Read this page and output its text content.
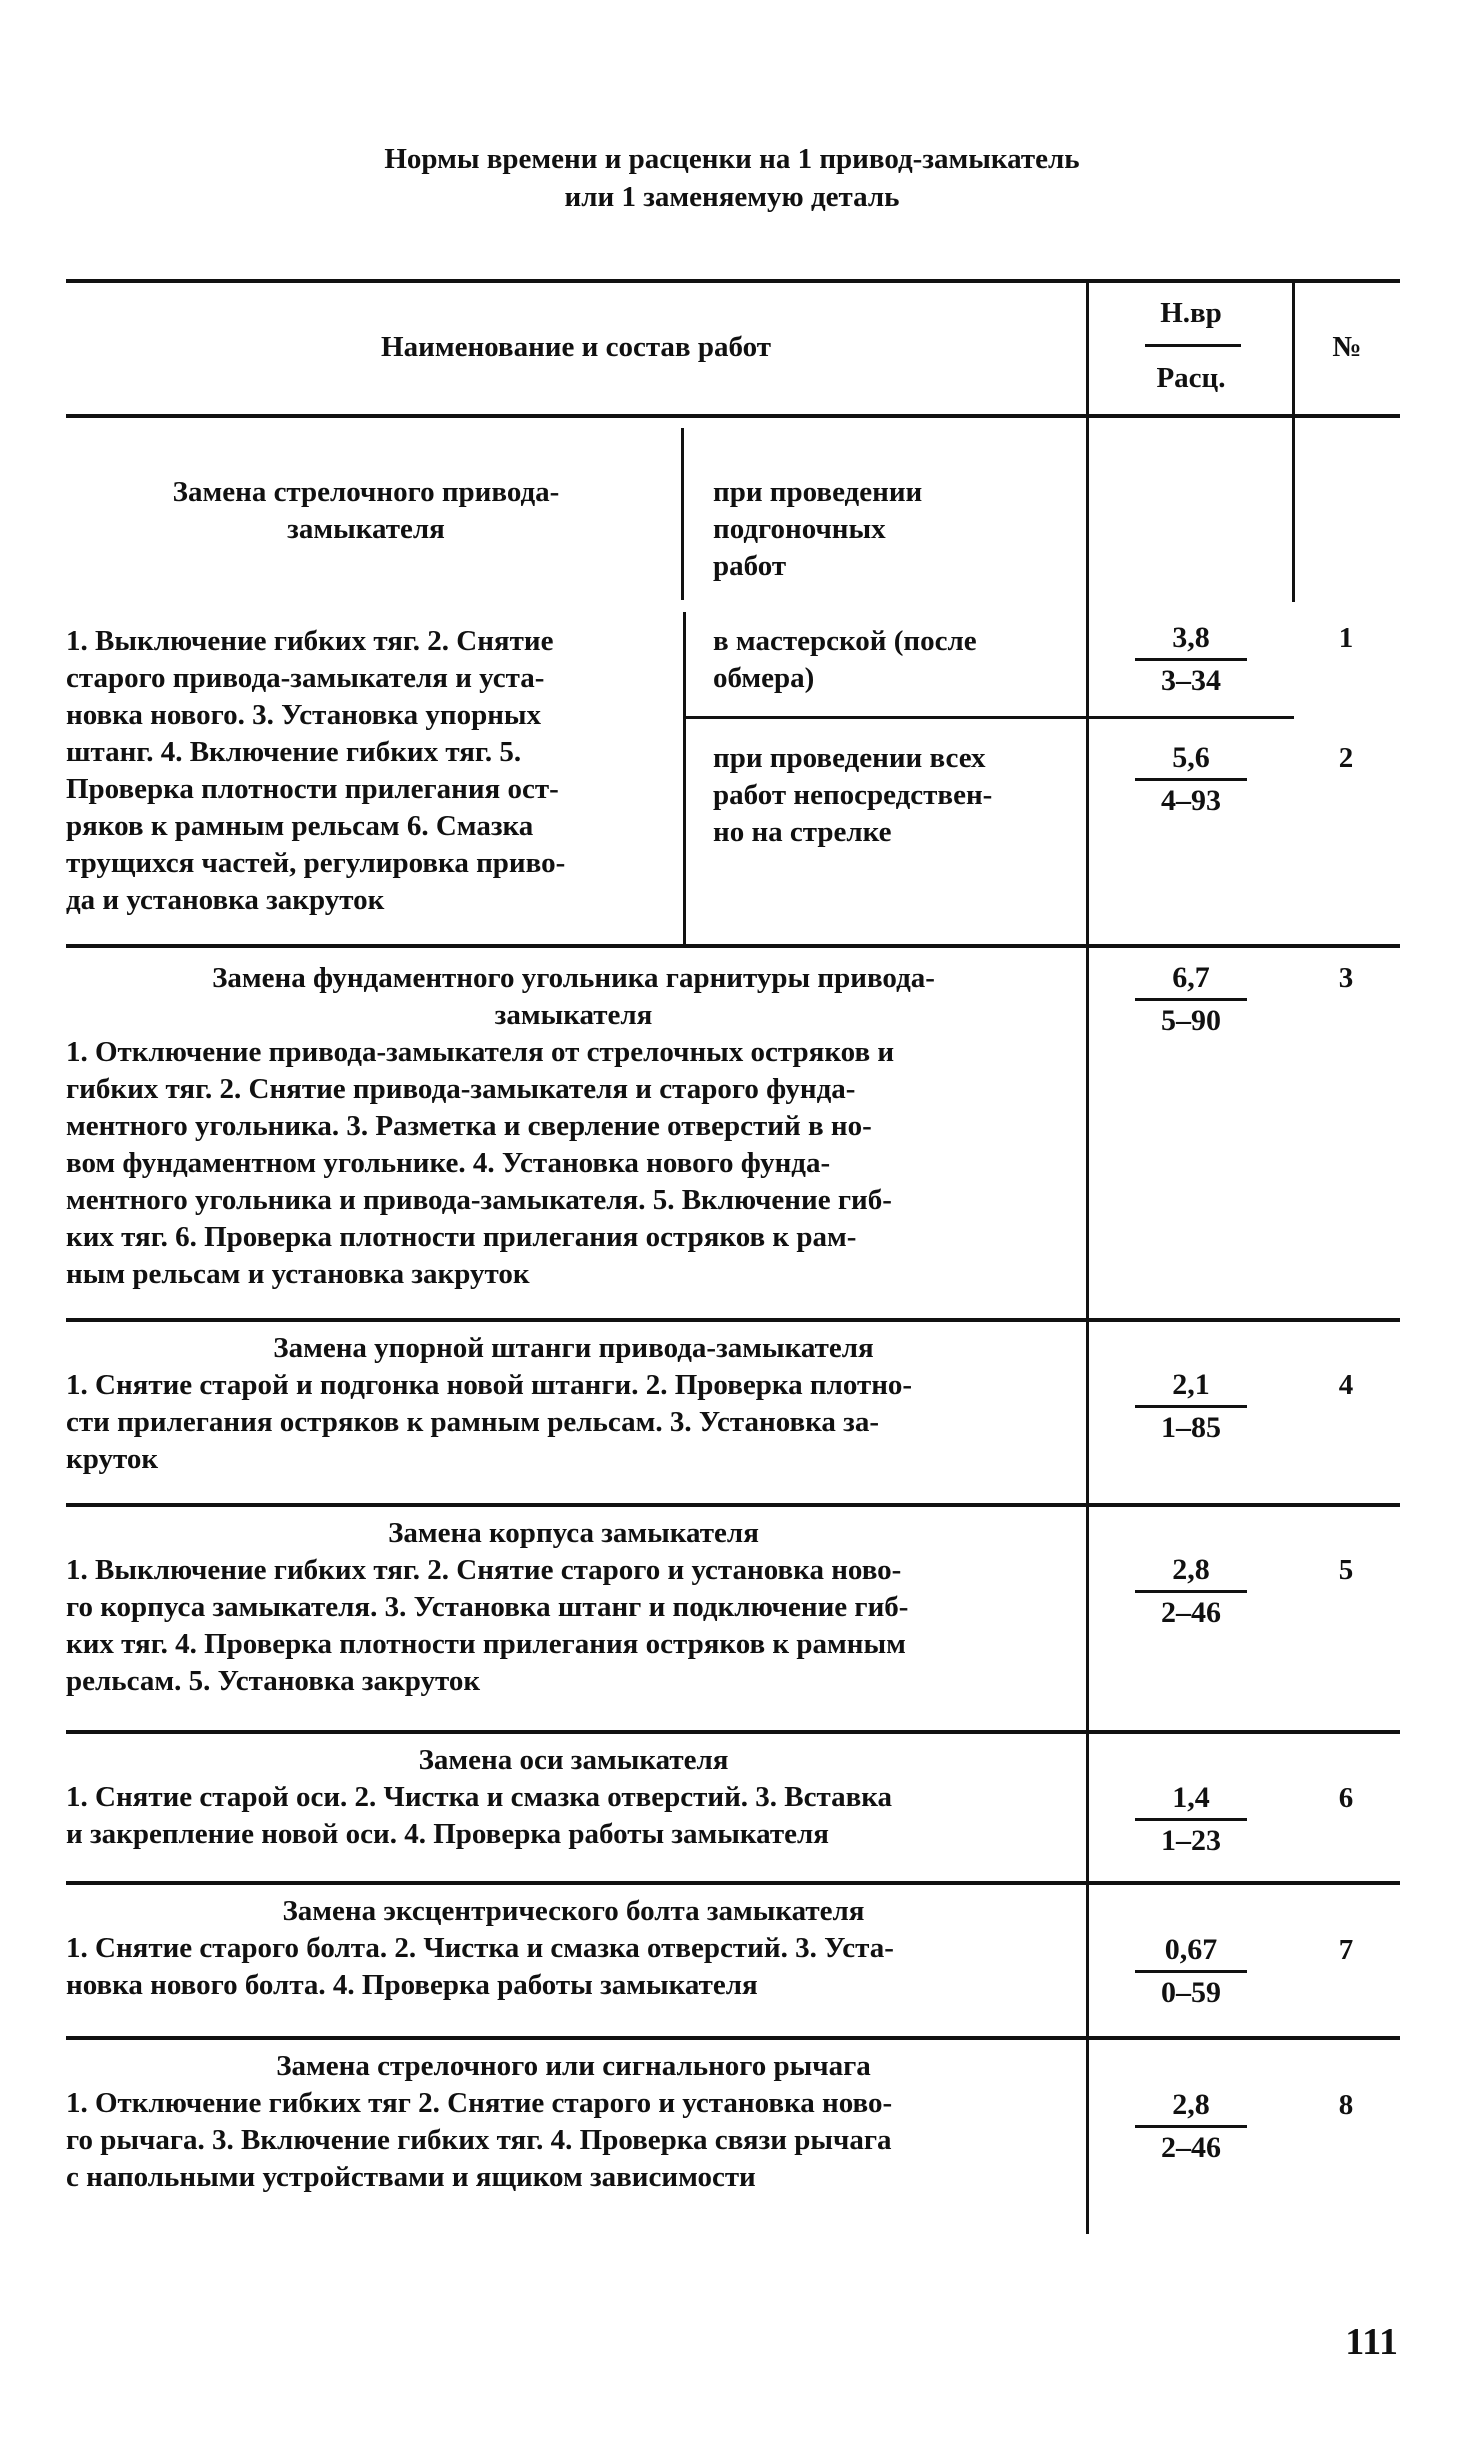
Нормы времени и расценки на 1 привод-замыкатель
или 1 заменяемую деталь
Наименование и состав работ
Н.вр
Расц.
№
Замена стрелочного привода-
замыкателя
при проведении
подгоночных
работ
1. Выключение гибких тяг. 2. Снятие
старого привода-замыкателя и уста-
новка нового. 3. Установка упорных
штанг. 4. Включение гибких тяг. 5.
Проверка плотности прилегания ост-
ряков к рамным рельсам 6. Смазка
трущихся частей, регулировка приво-
да и установка закруток
в мастерской (после
обмера)
3,8
3–34
1
при проведении всех
работ непосредствен-
но на стрелке
5,6
4–93
2
Замена фундаментного угольника гарнитуры привода-
замыкателя
1. Отключение привода-замыкателя от стрелочных остряков и
гибких тяг. 2. Снятие привода-замыкателя и старого фунда-
ментного угольника. 3. Разметка и сверление отверстий в но-
вом фундаментном угольнике. 4. Установка нового фунда-
ментного угольника и привода-замыкателя. 5. Включение гиб-
ких тяг. 6. Проверка плотности прилегания остряков к рам-
ным рельсам и установка закруток
6,7
5–90
3
Замена упорной штанги привода-замыкателя
1. Снятие старой и подгонка новой штанги. 2. Проверка плотно-
сти прилегания остряков к рамным рельсам. 3. Установка за-
круток
2,1
1–85
4
Замена корпуса замыкателя
1. Выключение гибких тяг. 2. Снятие старого и установка ново-
го корпуса замыкателя. 3. Установка штанг и подключение гиб-
ких тяг. 4. Проверка плотности прилегания остряков к рамным
рельсам. 5. Установка закруток
2,8
2–46
5
Замена оси замыкателя
1. Снятие старой оси. 2. Чистка и смазка отверстий. 3. Вставка
и закрепление новой оси. 4. Проверка работы замыкателя
1,4
1–23
6
Замена эксцентрического болта замыкателя
1. Снятие старого болта. 2. Чистка и смазка отверстий. 3. Уста-
новка нового болта. 4. Проверка работы замыкателя
0,67
0–59
7
Замена стрелочного или сигнального рычага
1. Отключение гибких тяг 2. Снятие старого и установка ново-
го рычага. 3. Включение гибких тяг. 4. Проверка связи рычага
с напольными устройствами и ящиком зависимости
2,8
2–46
8
111
